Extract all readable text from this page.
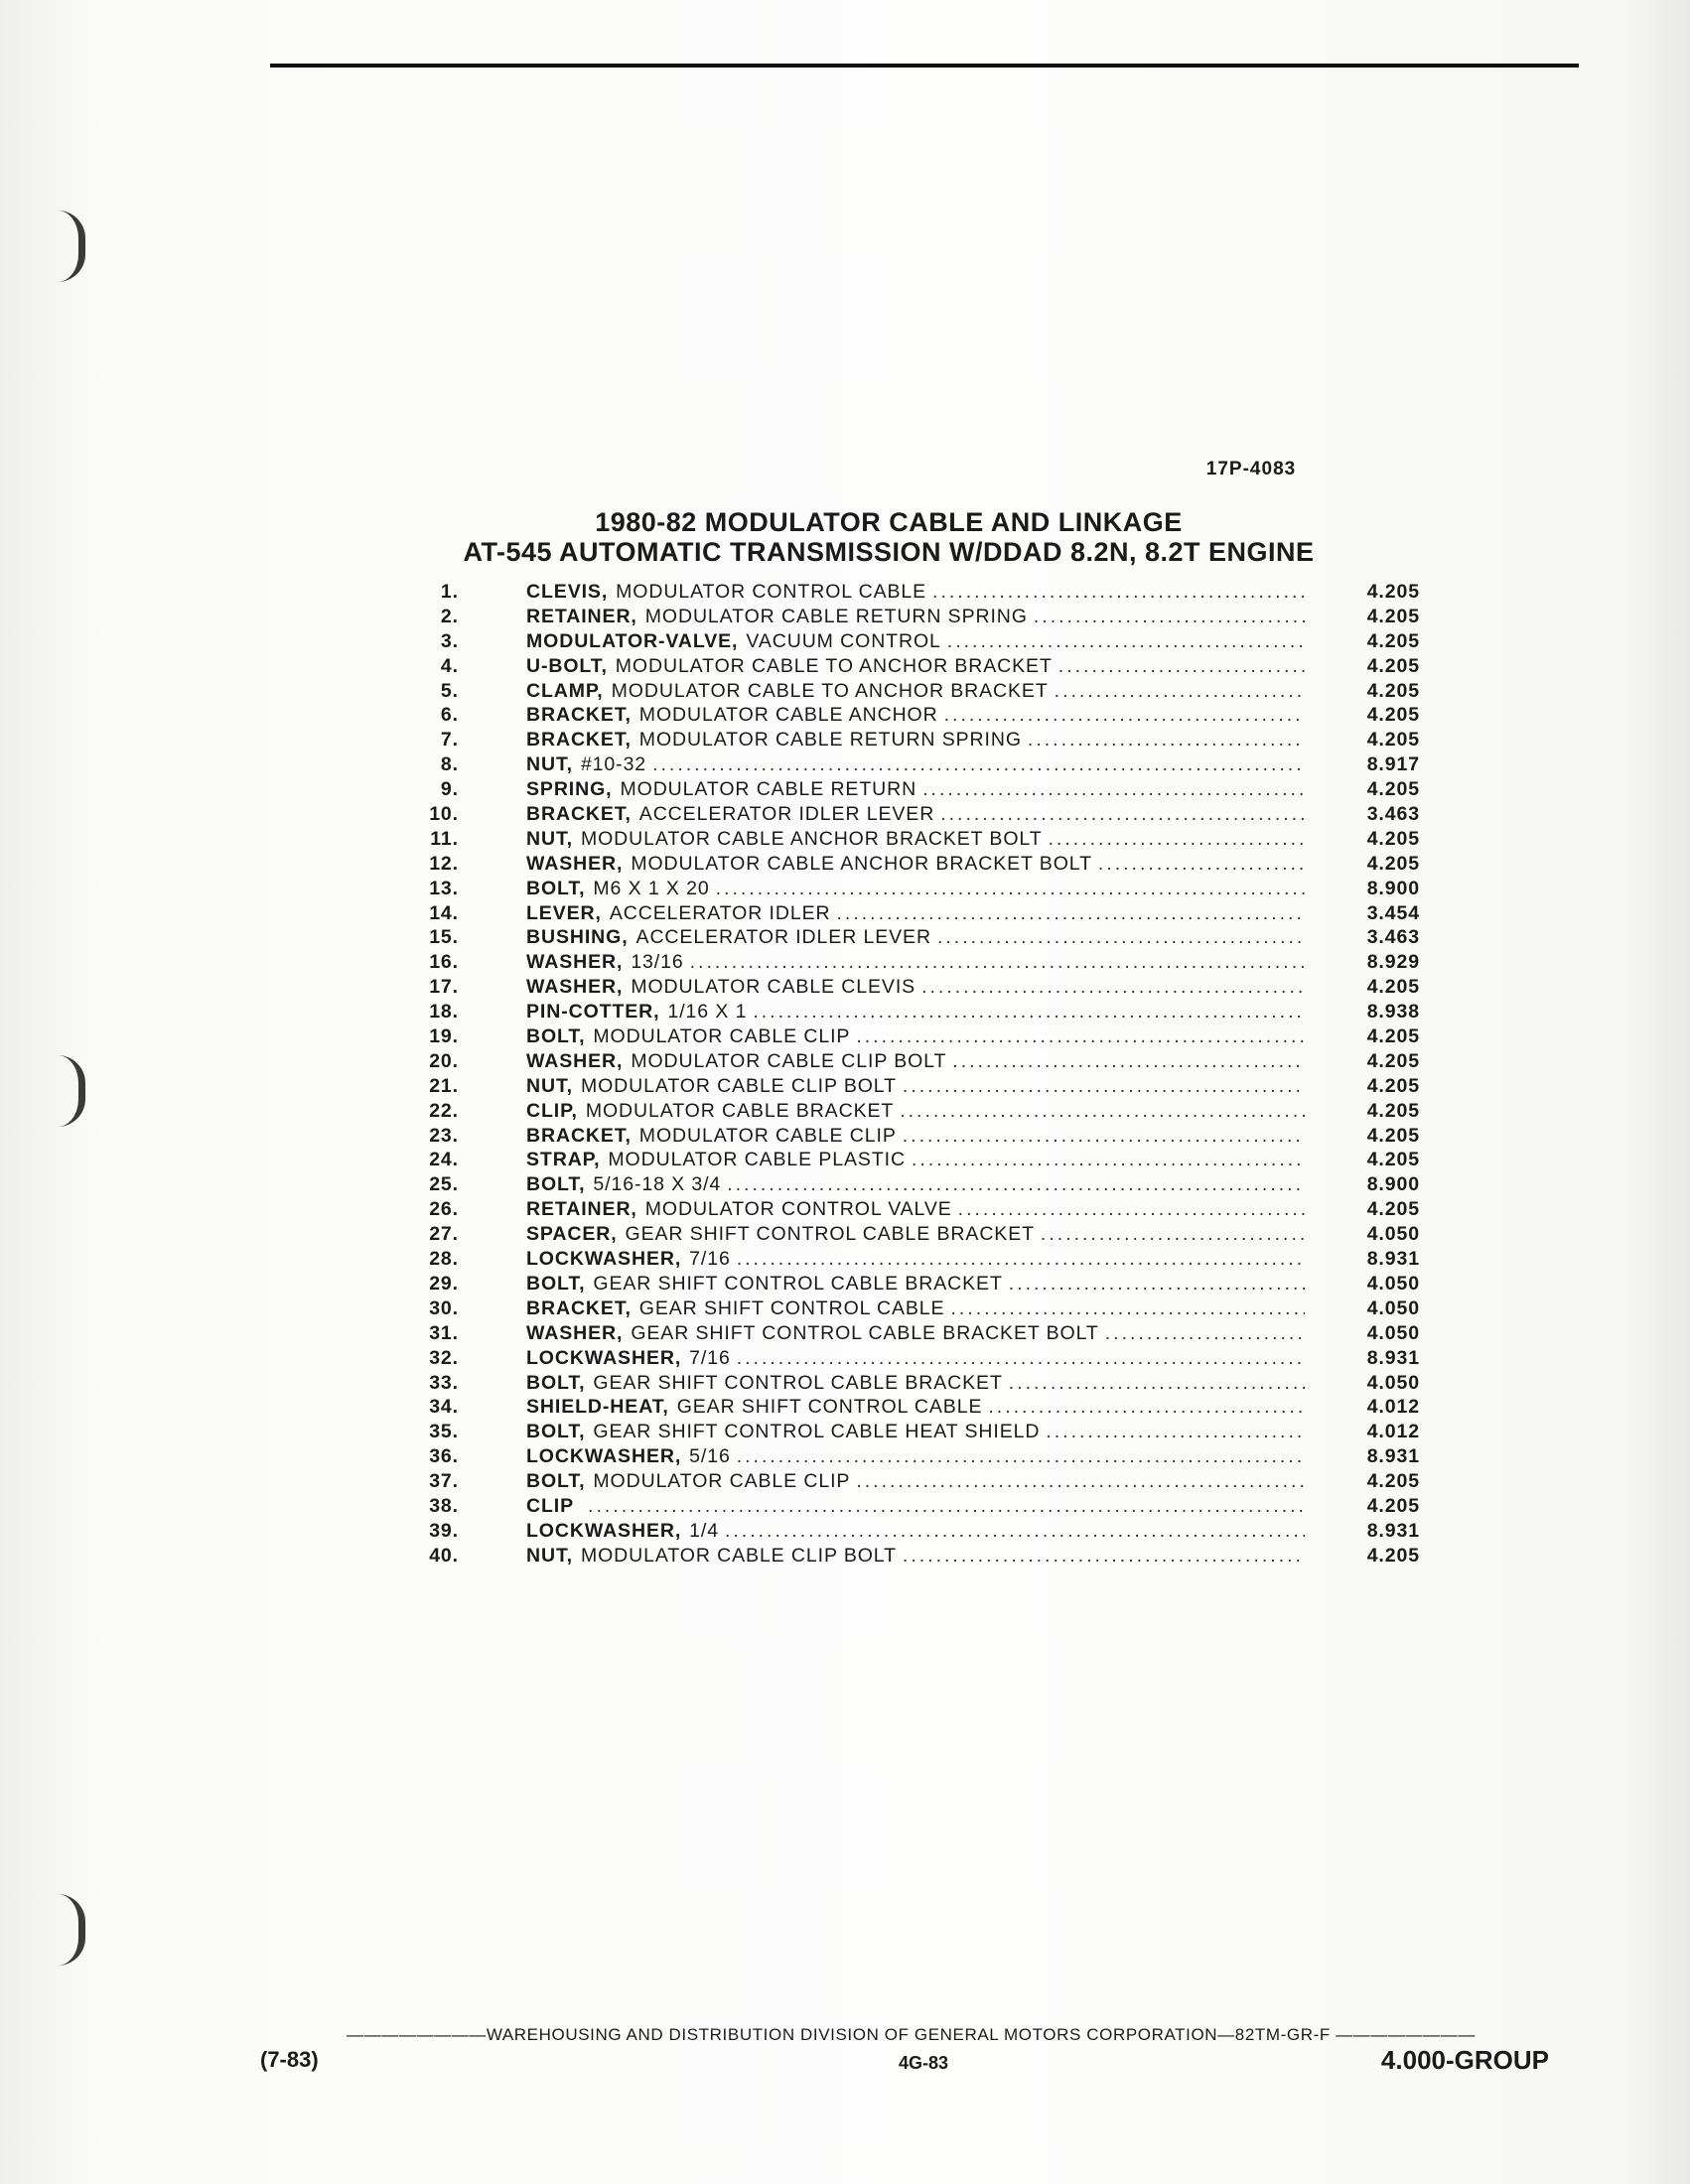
17P-4083
1980-82 MODULATOR CABLE AND LINKAGE
AT-545 AUTOMATIC TRANSMISSION W/DDAD 8.2N, 8.2T ENGINE
1.	CLEVIS, MODULATOR CONTROL CABLE .....	4.205
2.	RETAINER, MODULATOR CABLE RETURN SPRING .....	4.205
3.	MODULATOR-VALVE, VACUUM CONTROL .....	4.205
4.	U-BOLT, MODULATOR CABLE TO ANCHOR BRACKET .....	4.205
5.	CLAMP, MODULATOR CABLE TO ANCHOR BRACKET .....	4.205
6.	BRACKET, MODULATOR CABLE ANCHOR .....	4.205
7.	BRACKET, MODULATOR CABLE RETURN SPRING .....	4.205
8.	NUT, #10-32 .....	8.917
9.	SPRING, MODULATOR CABLE RETURN .....	4.205
10.	BRACKET, ACCELERATOR IDLER LEVER .....	3.463
11.	NUT, MODULATOR CABLE ANCHOR BRACKET BOLT .....	4.205
12.	WASHER, MODULATOR CABLE ANCHOR BRACKET BOLT .....	4.205
13.	BOLT, M6 X 1 X 20 .....	8.900
14.	LEVER, ACCELERATOR IDLER .....	3.454
15.	BUSHING, ACCELERATOR IDLER LEVER .....	3.463
16.	WASHER, 13/16 .....	8.929
17.	WASHER, MODULATOR CABLE CLEVIS .....	4.205
18.	PIN-COTTER, 1/16 X 1 .....	8.938
19.	BOLT, MODULATOR CABLE CLIP .....	4.205
20.	WASHER, MODULATOR CABLE CLIP BOLT .....	4.205
21.	NUT, MODULATOR CABLE CLIP BOLT .....	4.205
22.	CLIP, MODULATOR CABLE BRACKET .....	4.205
23.	BRACKET, MODULATOR CABLE CLIP .....	4.205
24.	STRAP, MODULATOR CABLE PLASTIC .....	4.205
25.	BOLT, 5/16-18 X 3/4 .....	8.900
26.	RETAINER, MODULATOR CONTROL VALVE .....	4.205
27.	SPACER, GEAR SHIFT CONTROL CABLE BRACKET .....	4.050
28.	LOCKWASHER, 7/16 .....	8.931
29.	BOLT, GEAR SHIFT CONTROL CABLE BRACKET .....	4.050
30.	BRACKET, GEAR SHIFT CONTROL CABLE .....	4.050
31.	WASHER, GEAR SHIFT CONTROL CABLE BRACKET BOLT .....	4.050
32.	LOCKWASHER, 7/16 .....	8.931
33.	BOLT, GEAR SHIFT CONTROL CABLE BRACKET .....	4.050
34.	SHIELD-HEAT, GEAR SHIFT CONTROL CABLE .....	4.012
35.	BOLT, GEAR SHIFT CONTROL CABLE HEAT SHIELD .....	4.012
36.	LOCKWASHER, 5/16 .....	8.931
37.	BOLT, MODULATOR CABLE CLIP .....	4.205
38.	CLIP .....	4.205
39.	LOCKWASHER, 1/4 .....	8.931
40.	NUT, MODULATOR CABLE CLIP BOLT .....	4.205
————————WAREHOUSING AND DISTRIBUTION DIVISION OF GENERAL MOTORS CORPORATION—82TM-GR-F ————————
(7-83)	4G-83	4.000-GROUP
